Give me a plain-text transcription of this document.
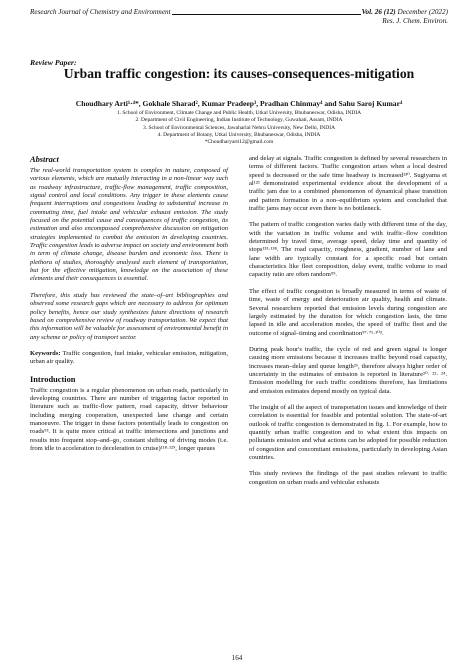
Research Journal of Chemistry and Environment	Vol. 26 (12) December (2022)
Res. J. Chem. Environ.
Review Paper:
Urban traffic congestion: its causes-consequences-mitigation
Choudhary Arti¹·⁴*, Gokhale Sharad², Kumar Pradeep³, Pradhan Chinmay⁴ and Sahu Saroj Kumar⁴
1. School of Environment, Climate Change and Public Health, Utkal University, Bhubaneswar, Odisha, INDIA
2. Department of Civil Engineering, Indian Institute of Technology, Guwahati, Assam, INDIA
3. School of Environmental Sciences, Jawaharlal Nehru University, New Delhi, INDIA
4. Department of Botany, Utkal University, Bhubaneswar, Odisha, INDIA
*Choudharyarti12@gmail.com
Abstract

The real-world transportation system is complex in nature, composed of various elements, which are mutually interacting in a non-linear way such as roadway infrastructure, traffic-flow management, traffic composition, signal control and local conditions. Any trigger in these elements cause frequent interruptions and congestions leading to substantial increase in commuting time, fuel intake and vehicular exhaust emission. The study focused on the potential cause and consequences of traffic congestion, its estimation and also encompassed comprehensive discussion on mitigation strategies implemented to combat the emission in developing countries. Traffic congestion leads to adverse impact on society and environment both in term of climate change, disease burden and economic loss. There is plethora of studies, thoroughly analysed each element of transportation, but for the effective mitigation, knowledge on the association of these elements and their consequences is essential.

Therefore, this study has reviewed the state–of–art bibliographies and observed some research gaps which are necessary to address for optimum policy benefits, hence our study synthesizes future directions of research based on comprehensive review of roadway transportation. We expect that this information will be valuable for assessment of environmental benefit in any scheme or policy of transport sector.

Keywords: Traffic congestion, fuel intake, vehicular emission, mitigation, urban air quality.

Introduction

Traffic congestion is a regular phenomenon on urban roads, particularly in developing countries. There are number of triggering factor reported in literature such as traffic-flow pattern, road capacity, driver behaviour including merging cooperation, unexpected lane change and certain manoeuvre. The trigger in these factors potentially leads to congestion on roads⁹³. It is quite more critical at traffic intersections and junctions and results into frequent stop–and–go, constant shifting of driving modes (i.e. from idle to acceleration to deceleration to cruise)¹¹⁸·¹²⁹, longer queues

and delay at signals. Traffic congestion is defined by several researchers in terms of different factors. Traffic congestion arises when a local desired speed is decreased or the safe time headway is increased¹³⁰. Sugiyama et al¹²³ demonstrated experimental evidence about the development of a traffic jam due to a combined phenomenon of dynamical phase transition and pattern formation in a non–equilibrium system and concluded that traffic jams may occur even there is no bottleneck.

The pattern of traffic congestion varies daily with different time of the day, with the variation in traffic volume and with traffic–flow condition determined by travel time, average speed, delay time and quantity of stops¹³³·¹³⁸. The road capacity, roughness, gradient, number of lane and lane width are typically constant for a specific road but certain characteristics like fleet composition, delay event, traffic volume to road capacity ratio are often random⁹⁹.

The effect of traffic congestion is broadly measured in terms of waste of time, waste of energy and deterioration air quality, health and climate. Several researchers reported that emission levels during congestion are largely estimated by the duration for which congestion lasts, the time lapsed in idle and acceleration modes, the speed of traffic fleet and the outcome of signal–timing and coordination⁹⁷·⁷¹·¹⁰³.

During peak hour's traffic, the cycle of red and green signal is longer causing more emissions because it increases traffic beyond road capacity, increases mean–delay and queue length²⁶, therefore always higher order of uncertainty in the estimates of emission is reported in literature²⁰· ²²· ²⁴. Emission modelling for such traffic conditions therefore, has limitations and emission estimates depend mostly on typical data.

The insight of all the aspect of transportation issues and knowledge of their correlation is essential for feasible and potential solution. The state-of-art outlook of traffic congestion is demonstrated in fig. 1. For example, how to quantify urban traffic congestion and to what extent this impacts on pollutants emission and what actions can be adopted for possible reduction of congestion and concomitant emissions, particularly in developing Asian countries.

This study reviews the findings of the past studies relevant to traffic congestion on urban roads and vehicular exhausts

164
